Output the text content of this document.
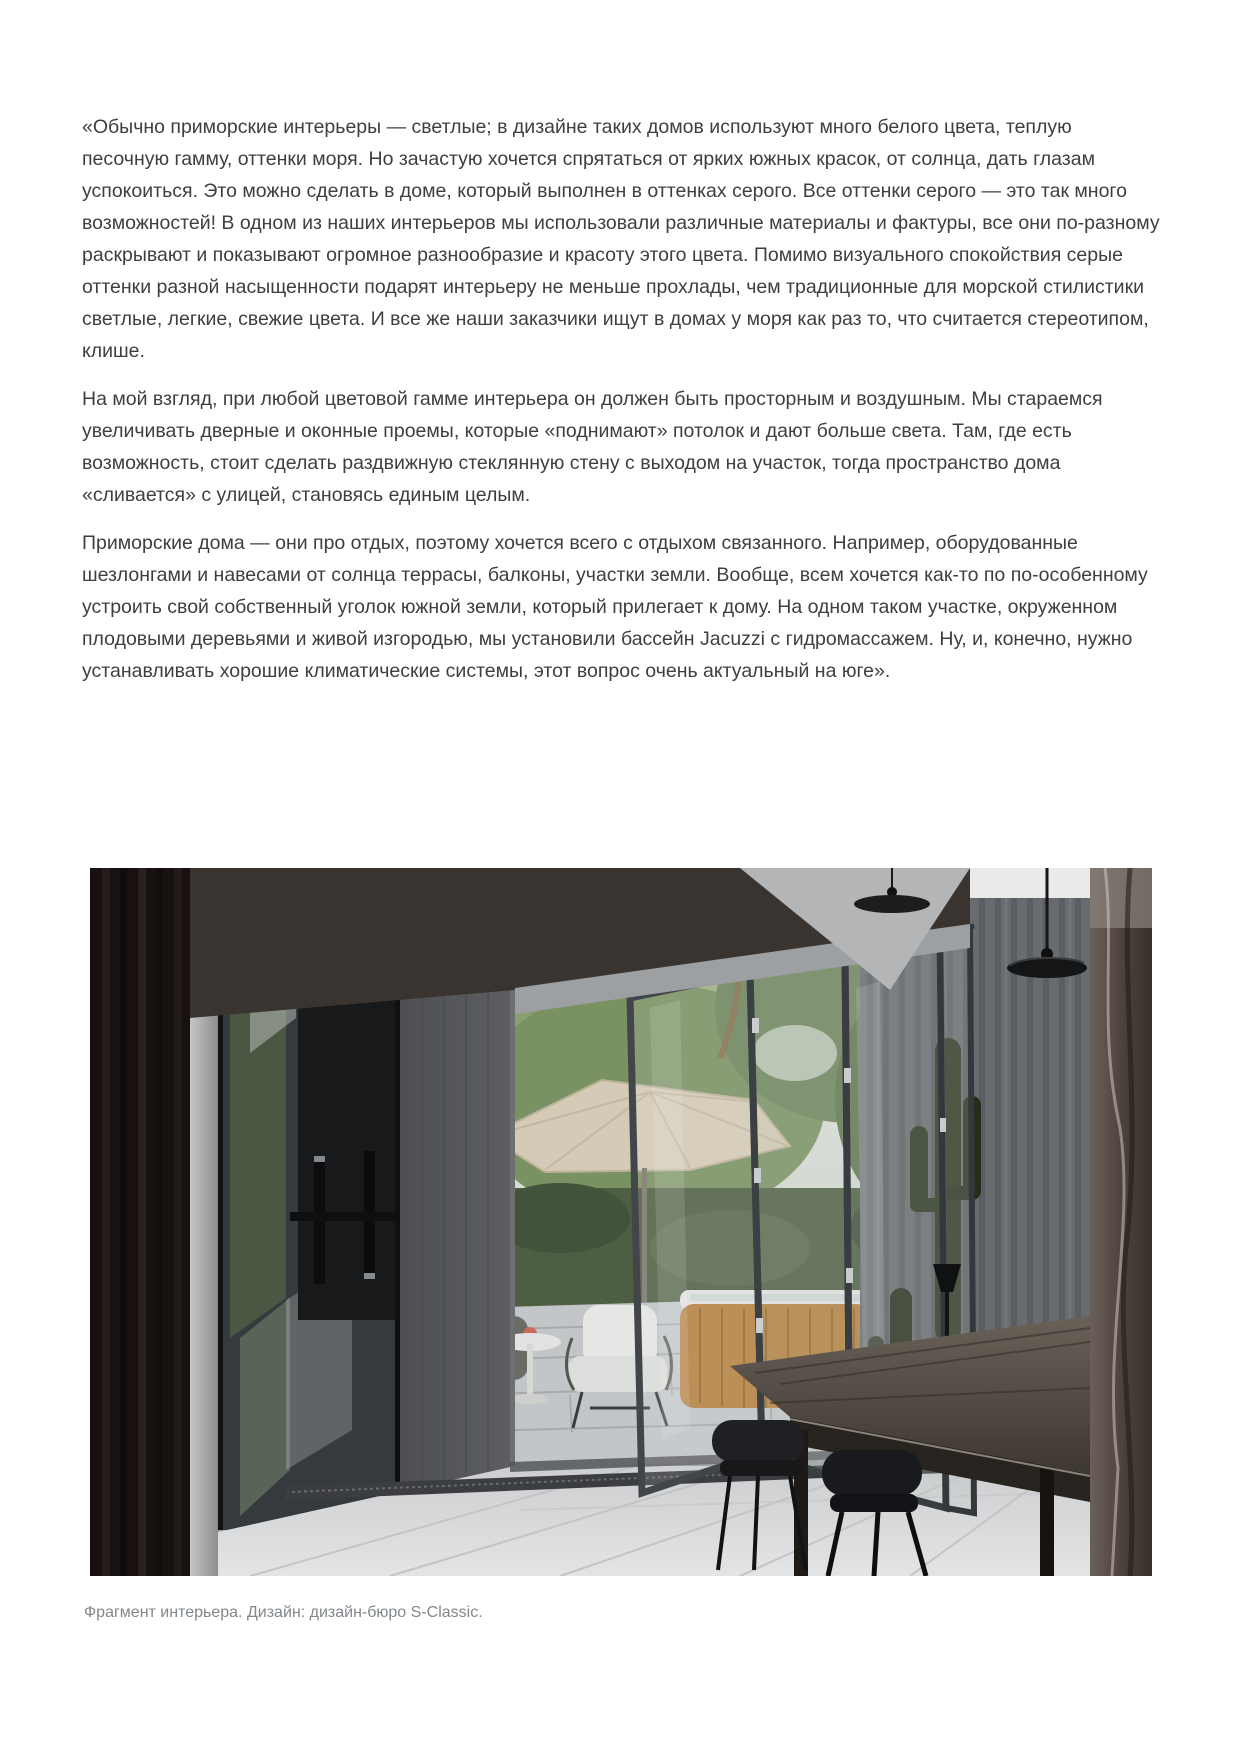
«Обычно приморские интерьеры — светлые; в дизайне таких домов используют много белого цвета, теплую песочную гамму, оттенки моря. Но зачастую хочется спрятаться от ярких южных красок, от солнца, дать глазам успокоиться. Это можно сделать в доме, который выполнен в оттенках серого. Все оттенки серого — это так много возможностей! В одном из наших интерьеров мы использовали различные материалы и фактуры, все они по-разному раскрывают и показывают огромное разнообразие и красоту этого цвета. Помимо визуального спокойствия серые оттенки разной насыщенности подарят интерьеру не меньше прохлады, чем традиционные для морской стилистики светлые, легкие, свежие цвета. И все же наши заказчики ищут в домах у моря как раз то, что считается стереотипом, клише.

На мой взгляд, при любой цветовой гамме интерьера он должен быть просторным и воздушным. Мы стараемся увеличивать дверные и оконные проемы, которые «поднимают» потолок и дают больше света. Там, где есть возможность, стоит сделать раздвижную стеклянную стену с выходом на участок, тогда пространство дома «сливается» с улицей, становясь единым целым.

Приморские дома — они про отдых, поэтому хочется всего с отдыхом связанного. Например, оборудованные шезлонгами и навесами от солнца террасы, балконы, участки земли. Вообще, всем хочется как-то по по-особенному устроить свой собственный уголок южной земли, который прилегает к дому. На одном таком участке, окруженном плодовыми деревьями и живой изгородью, мы установили бассейн Jacuzzi с гидромассажем. Ну, и, конечно, нужно устанавливать хорошие климатические системы, этот вопрос очень актуальный на юге».

Фрагмент интерьера. Дизайн: дизайн-бюро S-Classic.
